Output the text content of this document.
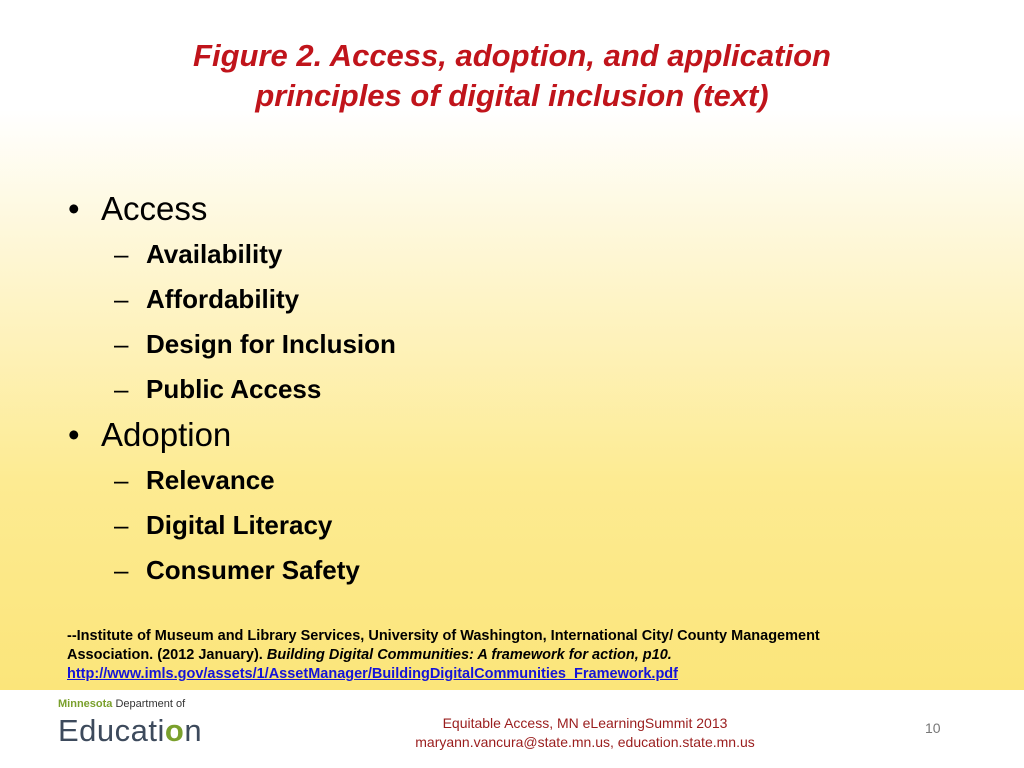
Figure 2. Access, adoption, and application
principles of digital inclusion (text)
• Access
– Availability
– Affordability
– Design for Inclusion
– Public Access
• Adoption
– Relevance
– Digital Literacy
– Consumer Safety
--Institute of Museum and Library Services, University of Washington, International City/ County Management
Association. (2012 January). Building Digital Communities: A framework for action, p10.
http://www.imls.gov/assets/1/AssetManager/BuildingDigitalCommunities_Framework.pdf
Minnesota Department of
Education	Equitable Access, MN eLearningSummit 2013
maryann.vancura@state.mn.us, education.state.mn.us
10
